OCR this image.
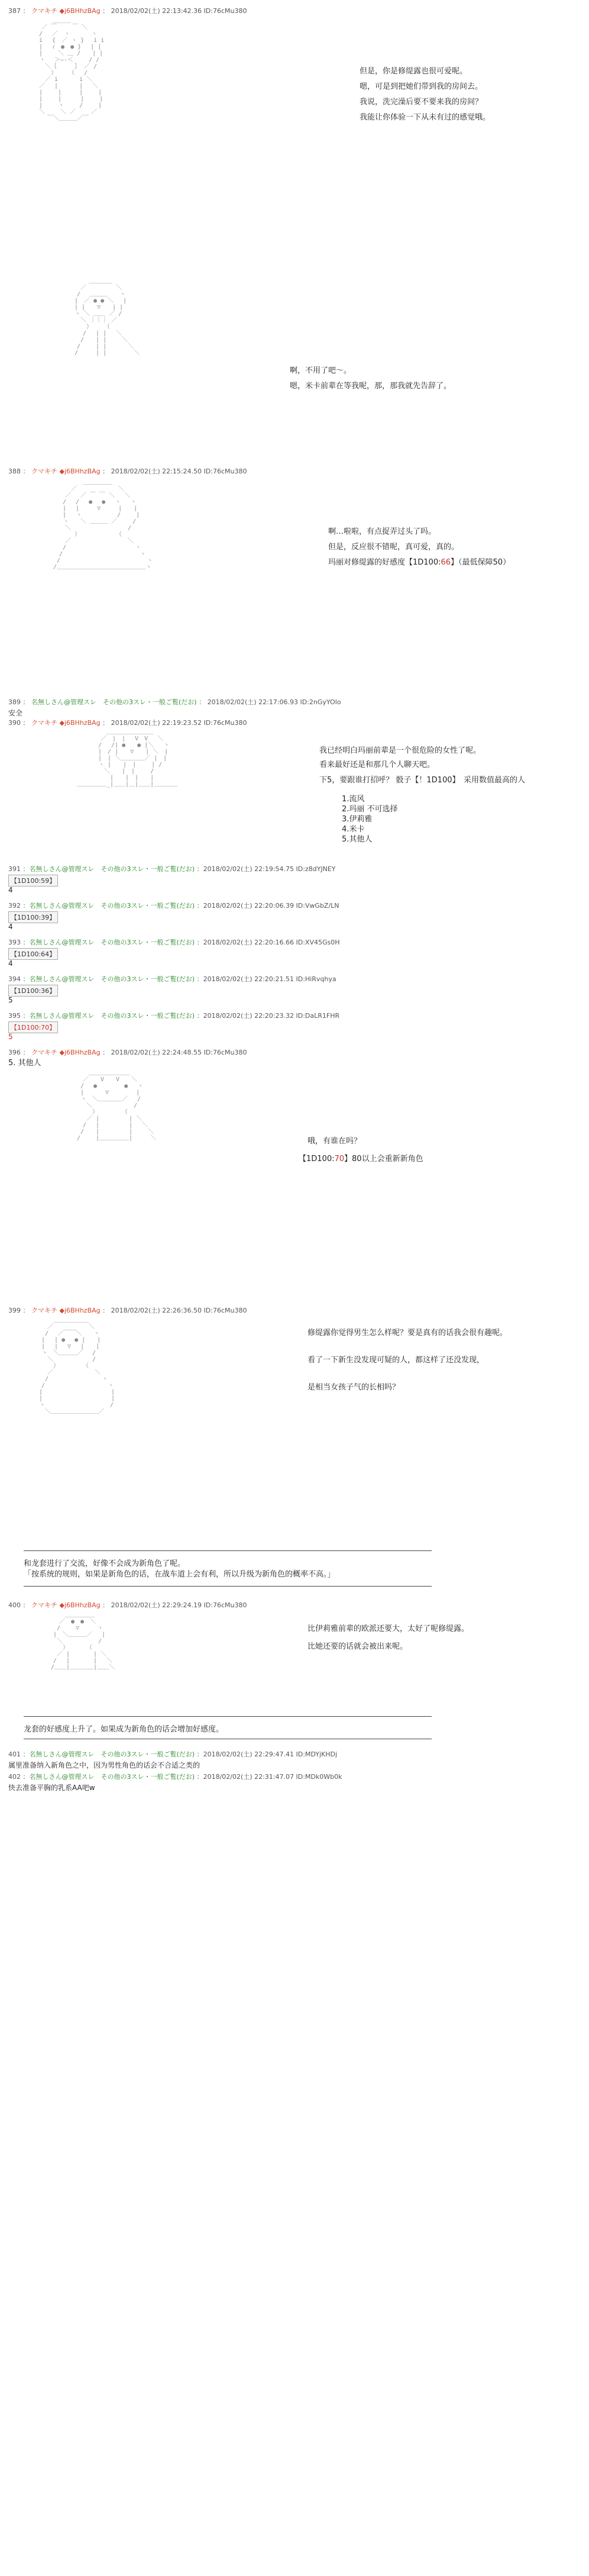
387 ： クマキチ ◆j6BHhzBAg ： 2018/02/02(土) 22:13:42.36 ID:76cMu380
　　　　　　＿＿＿
　　　　／ ￣　　 ￣ ＼
　　　 /　 ／　ヽ　　　 ヽ
　　　 i　 {　／ ヽ }　 i i
　　　 |　 ｨ　●　● }　 | |
　　　 |　　 ＼ ＿ /　　| |
　　　 ヽ　 ＞―‐＜　　 / /
　　　　 ＼｛　　　｝ ／ /
　　　　　 ）　　　（　 /
　　　　 ／ i　　　 i ＼
　　　 ／　 |　　　 |　 ＼
　　　 |　　 |　　　|　　 |
　　　 |　　 |　 　 |　　 |
　　　 |　　 ヽ　　 /　　 |
　　　 ＼　　 ＼ ／　　 ／
　　　　　￣＼＿＿＿／￣
但是，你是修缇露也很可爱呢。
嗯，可是到把她们带到我的房间去。
我说，洗完澡后要不要来我的房间？
我能让你体验一下从未有过的感觉哦。
　　　　　＿＿＿＿
　　　 ／　　　　　＼
　　　/　 ＿＿＿　　ヽ
　　 |　／ ● ● ＼ 　|
　　 | |　　▽　　| |
　　 ヽ ＼ ＿＿ ／ /
　　　 ＼ ｜｜｜ ／
　　　　 ）　　　（
　　　　/　 | |　 ＼
　　　 /　　| |　　 ＼
　　　/　　 | |　　　 ＼
　　 /　　　| |　　　　 ＼
啊，不用了吧～。
嗯，米卡前辈在等我呢，那，那我就先告辞了。
388 ： クマキチ ◆j6BHhzBAg ： 2018/02/02(土) 22:15:24.50 ID:76cMu380
　　　　　　　　　　　＿＿＿＿＿
　　　　　　　　　／　　　　　　　＼
　　　　　　　　／　 ／ ￣ ￣ ＼　 ＼
　　　　　　　 /　 /　 ●　 ●　 ヽ　 ヽ
　　　　　　　 |　 |　　　▽　　　|　　|
　　　　　　　 |　 ヽ　　　　　　/　　 |
　　　　　　　 ヽ　　＼ ＿＿＿ ／　　 /
　　　　　　　　＼　　　　　　　　　 /
　　　　　　　　　 ）　　　　　　　（
　　　　　　　　／　　　　　　　　　 ＼
　　　　　　　 /　　　　　　　　　　　 ヽ
　　　　　　　/　　　　　　　　　　　　　ヽ
　　　　　　 /　　　　　　　　　　　　　　 ヽ
　　　　　　/＿＿＿＿＿＿＿＿＿＿＿＿＿＿＿ヽ
啊…啦啦，有点捉弄过头了吗。
但是，反应很不错呢，真可爱，真的。
玛丽对修缇露的好感度【1D100:66】（最低保障50）
389 ： 名無しさん@管理スレ　その他の3スレ・一般ご覧(だお) ： 2018/02/02(土) 22:17:06.93 ID:2nGyYOIo
安全
390 ： クマキチ ◆j6BHhzBAg ： 2018/02/02(土) 22:19:23.52 ID:76cMu380
　　　　　＿＿＿＿＿＿＿＿
　　　　／　|　|　 V　V　 ＼
　　　 /　 /| ●　　● |＼　 ヽ
　　　 |　/ |　　▽　　| ＼　|
　　　 |　| ＼＿＿＿＿／ |　|
　　　 ヽ |　　|　|　　 | /
　　　　 ＼　　|　|　　 /
　　　　　 |　　|　|　　|
＿＿＿＿＿_|＿＿|＿|＿＿|＿＿＿＿
我已经明白玛丽前辈是一个很危险的女性了呢。
看来最好还是和那几个人聊天吧。
下5，要跟谁打招呼？ 骰子【！1D100】　采用数值最高的人
1.流风
2.玛丽 不可选择
3.伊莉雅
4.米卡
5.其他人
391 ：名無しさん@管理スレ　その他の3スレ・一般ご覧(だお) ：2018/02/02(土) 22:19:54.75 ID:z8dYJNEY
【1D100:59】
4
392 ：名無しさん@管理スレ　その他の3スレ・一般ご覧(だお) ：2018/02/02(土) 22:20:06.39 ID:VwGbZ/LN
【1D100:39】
4
393 ：名無しさん@管理スレ　その他の3スレ・一般ご覧(だお) ：2018/02/02(土) 22:20:16.66 ID:XV45Gs0H
【1D100:64】
4
394 ：名無しさん@管理スレ　その他の3スレ・一般ご覧(だお) ：2018/02/02(土) 22:20:21.51 ID:HiRvqhya
【1D100:36】
5
395 ：名無しさん@管理スレ　その他の3スレ・一般ご覧(だお) ：2018/02/02(土) 22:20:23.32 ID:DaLR1FHR
【1D100:70】
5
396 ： クマキチ ◆j6BHhzBAg ： 2018/02/02(土) 22:24:48.55 ID:76cMu380
5. 其他人
　　　　　＿＿＿＿＿＿＿
　　　　／　　V　　V　　＼
　　　 /　 ●　　　　 ● 　ヽ
　　　 |　　　 ▽　　　　 |
　　　 ヽ　＼＿＿＿＿／　 /
　　　　 ＼　　　　　　　/
　　　　　 ）　　　　　（
　　　　 ／ |　　　　　| ＼
　　　　/ 　|　　　　　|　 ＼
　　　 /　　|　　　　　|　　 ＼
　　　/　　 |＿＿＿＿＿|　　　＼	哦，有谁在吗？
【1D100:70】80以上会重新新角色
399 ： クマキチ ◆j6BHhzBAg ： 2018/02/02(土) 22:26:36.50 ID:76cMu380
　　　　　＿＿＿＿＿＿
　　　　／　　　　　　＼
　　　 /　 ／￣￣＼　　ヽ
　　　|　 | ●　 ● |　　|
　　　|　 |　 ▽　 |　　|
　　　ヽ　＼＿＿＿／　 /
　　　　＼　　　　　　 /
　　　　　）　　　　　（
　　　　／　　　　　　　＼
　　　 /　　　　　　　　　ヽ
　　　/　　　　　　　　　　 ヽ
　　 |　　　　　　　　　　　 |
　　 |　　　　　　　　　　　 |
　　 ヽ　　　　　　　　　　　/
　　　 ＼＿＿＿＿＿＿＿＿／
修缇露你觉得男生怎么样呢？要是真有的话我会很有趣呢。
看了一下新生没发现可疑的人，都这样了还没发现，
是相当女孩子气的长相吗？
和龙套进行了交流，好像不会成为新角色了呢。
「按系统的规则，如果是新角色的话，在战车道上会有利，所以升级为新角色的概率不高。」
400 ： クマキチ ◆j6BHhzBAg ： 2018/02/02(土) 22:29:24.19 ID:76cMu380
　　　　　＿＿＿＿＿
　　　　／　●　●　＼
　　　 /　　 ▽　　　ヽ
　　　|　＼＿＿＿／　 |
　　　 ＼　　　　　　/
　　　　 ）　　　　（
　　　 ／ |　　　　| ＼
　　　/ 　|　　　　|　 ＼
　　 /＿＿|＿＿＿＿|＿＿＼
比伊莉雅前辈的欧派还要大，太好了呢修缇露。
比她还要的话就会被出来呢。
龙套的好感度上升了。如果成为新角色的话会增加好感度。
401 ：名無しさん@管理スレ　その他の3スレ・一般ご覧(だお) ：2018/02/02(土) 22:29:47.41 ID:MDYjKHDj
属里准备纳入新角色之中，因为男性角色的话会不合适之类的
402 ：名無しさん@管理スレ　その他の3スレ・一般ご覧(だお) ：2018/02/02(土) 22:31:47.07 ID:MDk0Wb0k
快去准备平胸的乳系AA吧w
